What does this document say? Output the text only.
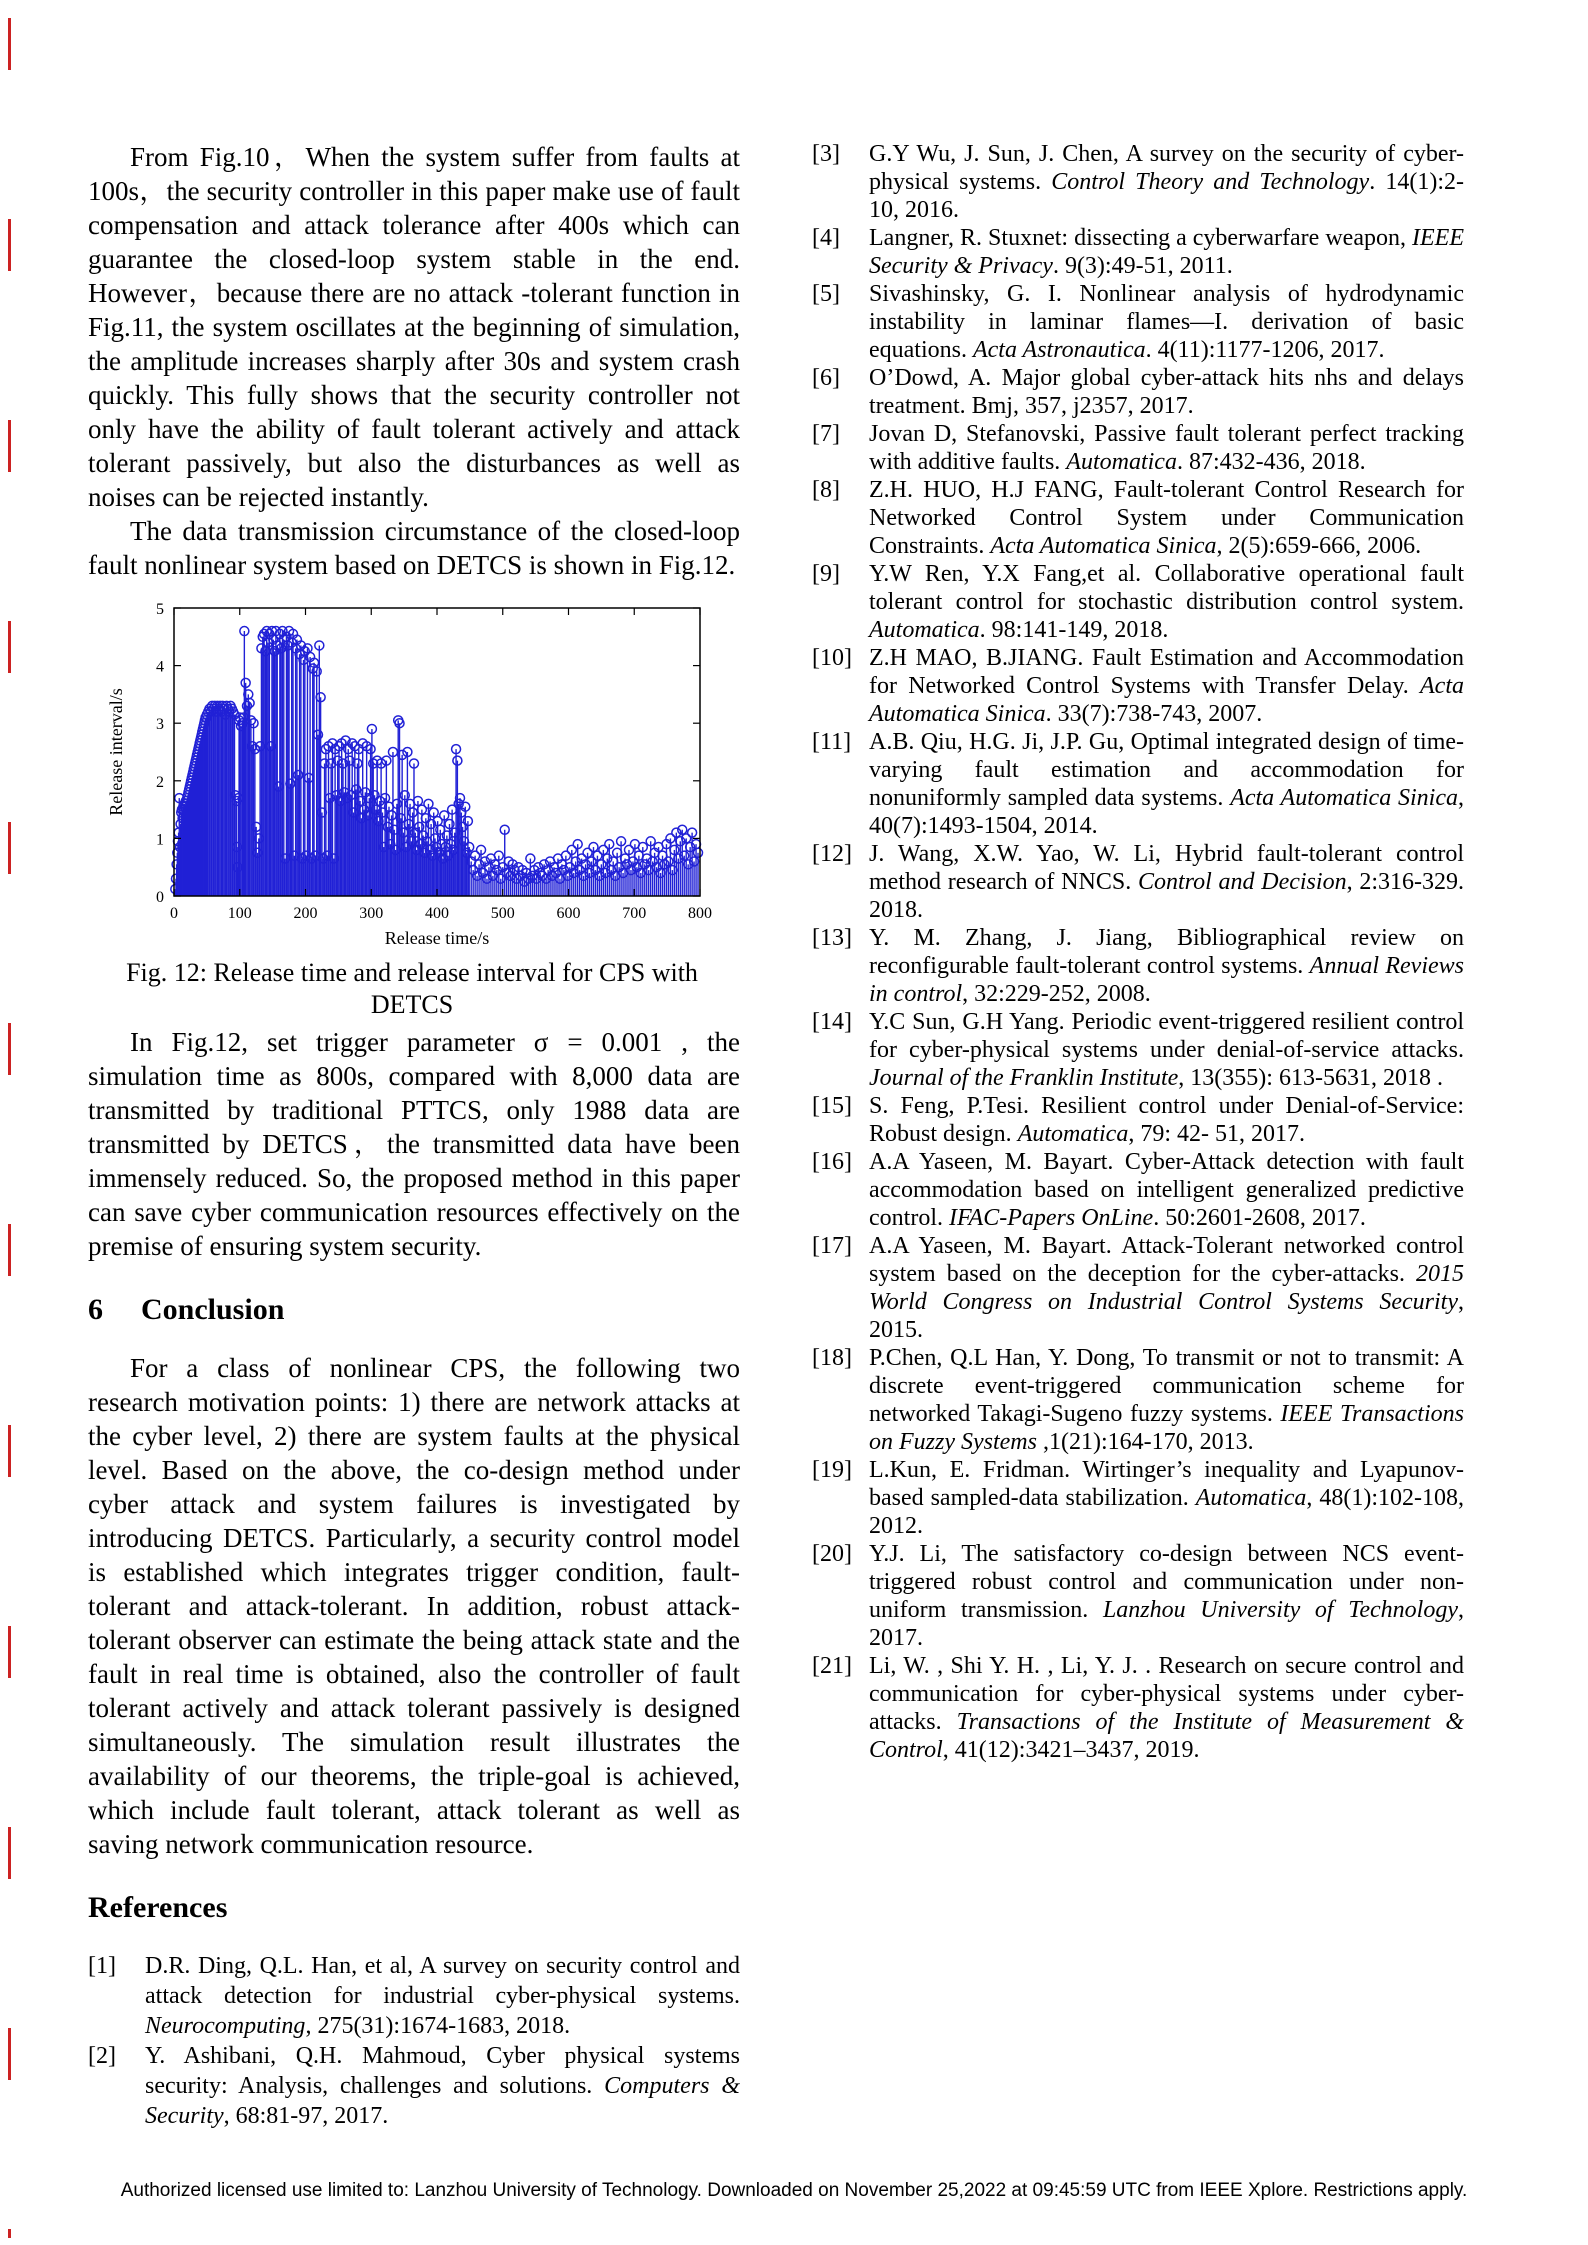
From Fig.10，When the system suffer from faults at 100s，the security controller in this paper make use of fault compensation and attack tolerance after 400s which can guarantee the closed-loop system stable in the end. However，because there are no attack -tolerant function in Fig.11, the system oscillates at the beginning of simulation, the amplitude increases sharply after 30s and system crash quickly. This fully shows that the security controller not only have the ability of fault tolerant actively and attack tolerant passively, but also the disturbances as well as noises can be rejected instantly.

The data transmission circumstance of the closed-loop fault nonlinear system based on DETCS is shown in Fig.12.

0	100	200	300	400	500	600	700	800
0
1
2
3
4
5
Release interval/s
Release time/s
Fig. 12: Release time and release interval for CPS with DETCS

In Fig.12, set trigger parameter σ = 0.001 , the simulation time as 800s, compared with 8,000 data are transmitted by traditional PTTCS, only 1988 data are transmitted by DETCS，the transmitted data have been immensely reduced. So, the proposed method in this paper can save cyber communication resources effectively on the premise of ensuring system security.

6 Conclusion

For a class of nonlinear CPS, the following two research motivation points: 1) there are network attacks at the cyber level, 2) there are system faults at the physical level. Based on the above, the co-design method under cyber attack and system failures is investigated by introducing DETCS. Particularly, a security control model is established which integrates trigger condition, fault-tolerant and attack-tolerant. In addition, robust attack-tolerant observer can estimate the being attack state and the fault in real time is obtained, also the controller of fault tolerant actively and attack tolerant passively is designed simultaneously. The simulation result illustrates the availability of our theorems, the triple-goal is achieved, which include fault tolerant, attack tolerant as well as saving network communication resource.

References
[1] D.R. Ding, Q.L. Han, et al, A survey on security control and attack detection for industrial cyber-physical systems. Neurocomputing, 275(31):1674-1683, 2018.
[2] Y. Ashibani, Q.H. Mahmoud, Cyber physical systems security: Analysis, challenges and solutions. Computers & Security, 68:81-97, 2017.
[3] G.Y Wu, J. Sun, J. Chen, A survey on the security of cyber-physical systems. Control Theory and Technology. 14(1):2-10, 2016.
[4] Langner, R. Stuxnet: dissecting a cyberwarfare weapon, IEEE Security & Privacy. 9(3):49-51, 2011.
[5] Sivashinsky, G. I. Nonlinear analysis of hydrodynamic instability in laminar flames—I. derivation of basic equations. Acta Astronautica. 4(11):1177-1206, 2017.
[6] O’Dowd, A. Major global cyber-attack hits nhs and delays treatment. Bmj, 357, j2357, 2017.
[7] Jovan D, Stefanovski, Passive fault tolerant perfect tracking with additive faults. Automatica. 87:432-436, 2018.
[8] Z.H. HUO, H.J FANG, Fault-tolerant Control Research for Networked Control System under Communication Constraints. Acta Automatica Sinica, 2(5):659-666, 2006.
[9] Y.W Ren, Y.X Fang,et al. Collaborative operational fault tolerant control for stochastic distribution control system. Automatica. 98:141-149, 2018.
[10] Z.H MAO, B.JIANG. Fault Estimation and Accommodation for Networked Control Systems with Transfer Delay. Acta Automatica Sinica. 33(7):738-743, 2007.
[11] A.B. Qiu, H.G. Ji, J.P. Gu, Optimal integrated design of time-varying fault estimation and accommodation for nonuniformly sampled data systems. Acta Automatica Sinica, 40(7):1493-1504, 2014.
[12] J. Wang, X.W. Yao, W. Li, Hybrid fault-tolerant control method research of NNCS. Control and Decision, 2:316-329. 2018.
[13] Y. M. Zhang, J. Jiang, Bibliographical review on reconfigurable fault-tolerant control systems. Annual Reviews in control, 32:229-252, 2008.
[14] Y.C Sun, G.H Yang. Periodic event-triggered resilient control for cyber-physical systems under denial-of-service attacks. Journal of the Franklin Institute, 13(355): 613-5631, 2018 .
[15] S. Feng, P.Tesi. Resilient control under Denial-of-Service: Robust design. Automatica, 79: 42- 51, 2017.
[16] A.A Yaseen, M. Bayart. Cyber-Attack detection with fault accommodation based on intelligent generalized predictive control. IFAC-Papers OnLine. 50:2601-2608, 2017.
[17] A.A Yaseen, M. Bayart. Attack-Tolerant networked control system based on the deception for the cyber-attacks. 2015 World Congress on Industrial Control Systems Security, 2015.
[18] P.Chen, Q.L Han, Y. Dong, To transmit or not to transmit: A discrete event-triggered communication scheme for networked Takagi-Sugeno fuzzy systems. IEEE Transactions on Fuzzy Systems ,1(21):164-170, 2013.
[19] L.Kun, E. Fridman. Wirtinger’s inequality and Lyapunov-based sampled-data stabilization. Automatica, 48(1):102-108, 2012.
[20] Y.J. Li, The satisfactory co-design between NCS event-triggered robust control and communication under non-uniform transmission. Lanzhou University of Technology, 2017.
[21] Li, W. , Shi Y. H. , Li, Y. J. . Research on secure control and communication for cyber-physical systems under cyber-attacks. Transactions of the Institute of Measurement & Control, 41(12):3421–3437, 2019.
Authorized licensed use limited to: Lanzhou University of Technology. Downloaded on November 25,2022 at 09:45:59 UTC from IEEE Xplore. Restrictions apply.
